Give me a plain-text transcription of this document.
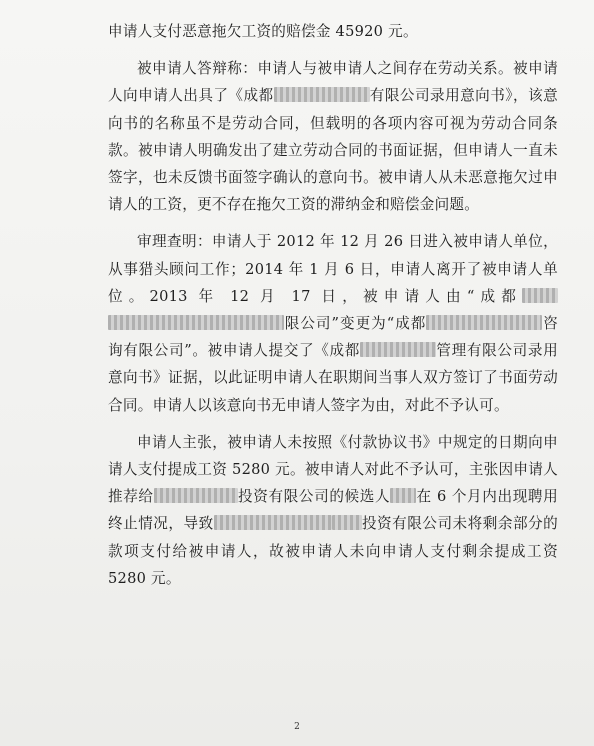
申请人支付恶意拖欠工资的赔偿金 45920 元。

被申请人答辩称：申请人与被申请人之间存在劳动关系。被申请人向申请人出具了《成都	有限公司录用意向书》，该意向书的名称虽不是劳动合同，但载明的各项内容可视为劳动合同条款。被申请人明确发出了建立劳动合同的书面证据，但申请人一直未签字，也未反馈书面签字确认的意向书。被申请人从未恶意拖欠过申请人的工资，更不存在拖欠工资的滞纳金和赔偿金问题。

审理查明：申请人于 2012 年 12 月 26 日进入被申请人单位，从事猎头顾问工作；2014 年 1 月 6 日，申请人离开了被申请人单位。2013 年 12 月 17 日，被申请人由“成都限公司”变更为“成都	咨询有限公司”。被申请人提交了《成都	管理有限公司录用意向书》证据，以此证明申请人在职期间当事人双方签订了书面劳动合同。申请人以该意向书无申请人签字为由，对此不予认可。

申请人主张，被申请人未按照《付款协议书》中规定的日期向申请人支付提成工资 5280 元。被申请人对此不予认可，主张因申请人推荐给	投资有限公司的候选人 在 6 个月内出现聘用终止情况，导致	投资有限公司未将剩余部分的款项支付给被申请人，故被申请人未向申请人支付剩余提成工资 5280 元。

2
